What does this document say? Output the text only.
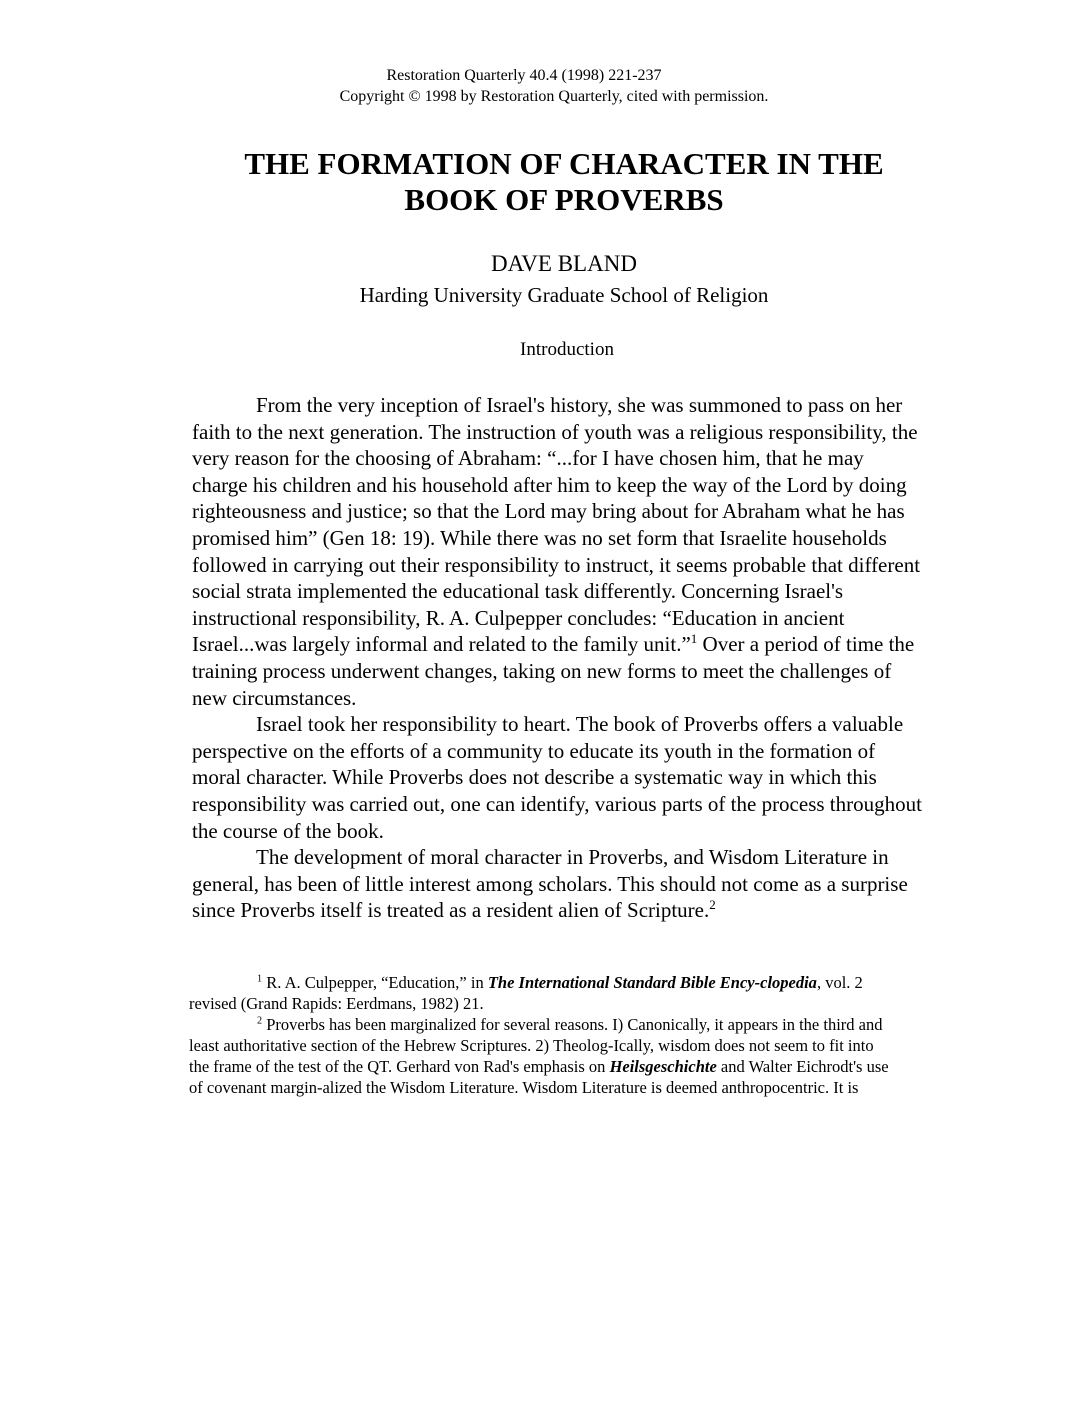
Restoration Quarterly 40.4 (1998) 221-237
Copyright © 1998 by Restoration Quarterly, cited with permission.
THE FORMATION OF CHARACTER IN THE
BOOK OF PROVERBS
DAVE BLAND
Harding University Graduate School of Religion
Introduction

From the very inception of Israel's history, she was summoned to pass on her faith to the next generation. The instruction of youth was a religious responsibility, the very reason for the choosing of Abraham: “...for I have chosen him, that he may charge his children and his household after him to keep the way of the Lord by doing righteousness and justice; so that the Lord may bring about for Abraham what he has promised him” (Gen 18: 19). While there was no set form that Israelite households followed in carrying out their responsibility to instruct, it seems probable that different social strata implemented the educational task differently. Concerning Israel's instructional responsibility, R. A. Culpepper concludes: “Education in ancient Israel...was largely informal and related to the family unit.”$^1$ Over a period of time the training process underwent changes, taking on new forms to meet the challenges of new circumstances.

Israel took her responsibility to heart. The book of Proverbs offers a valuable perspective on the efforts of a community to educate its youth in the formation of moral character. While Proverbs does not describe a systematic way in which this responsibility was carried out, one can identify, various parts of the process throughout the course of the book.

The development of moral character in Proverbs, and Wisdom Literature in general, has been of little interest among scholars. This should not come as a surprise since Proverbs itself is treated as a resident alien of Scripture.$^2$

$^1$ R. A. Culpepper, “Education,” in The International Standard Bible Ency-clopedia, vol. 2 revised (Grand Rapids: Eerdmans, 1982) 21.

$^2$ Proverbs has been marginalized for several reasons. I) Canonically, it appears in the third and least authoritative section of the Hebrew Scriptures. 2) Theolog-Ically, wisdom does not seem to fit into the frame of the test of the QT. Gerhard von Rad's emphasis on Heilsgeschichte and Walter Eichrodt's use of covenant margin-alized the Wisdom Literature. Wisdom Literature is deemed anthropocentric. It is
